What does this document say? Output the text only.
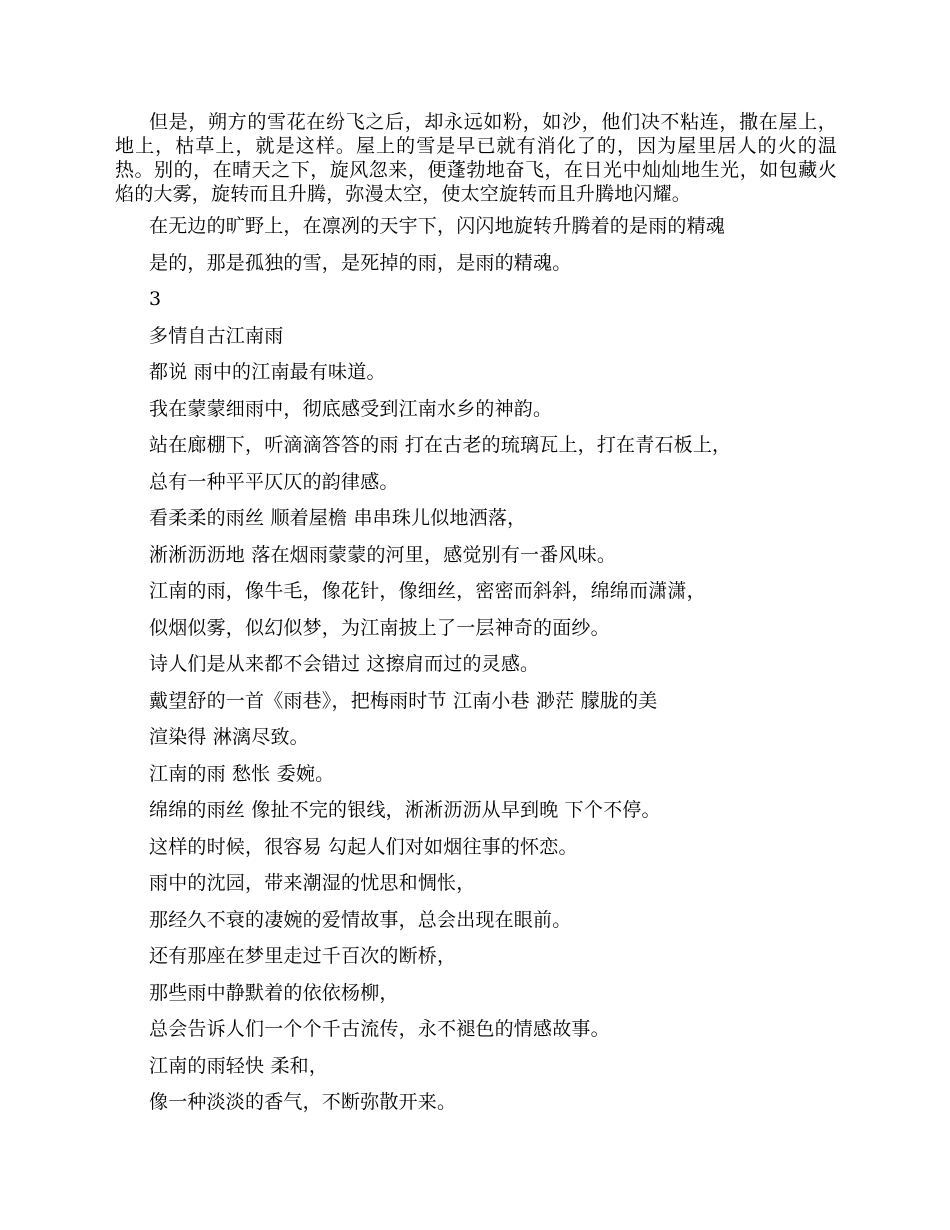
但是，朔方的雪花在纷飞之后，却永远如粉，如沙，他们决不粘连，撒在屋上，地上，枯草上，就是这样。屋上的雪是早已就有消化了的，因为屋里居人的火的温热。别的，在晴天之下，旋风忽来，便蓬勃地奋飞，在日光中灿灿地生光，如包藏火焰的大雾，旋转而且升腾，弥漫太空，使太空旋转而且升腾地闪耀。

在无边的旷野上，在凛冽的天宇下，闪闪地旋转升腾着的是雨的精魂
是的，那是孤独的雪，是死掉的雨，是雨的精魂。
3
多情自古江南雨
都说 雨中的江南最有味道。
我在蒙蒙细雨中，彻底感受到江南水乡的神韵。
站在廊棚下，听滴滴答答的雨 打在古老的琉璃瓦上，打在青石板上，
总有一种平平仄仄的韵律感。
看柔柔的雨丝 顺着屋檐 串串珠儿似地洒落，
淅淅沥沥地 落在烟雨蒙蒙的河里，感觉别有一番风味。
江南的雨，像牛毛，像花针，像细丝，密密而斜斜，绵绵而潇潇，
似烟似雾，似幻似梦，为江南披上了一层神奇的面纱。
诗人们是从来都不会错过 这擦肩而过的灵感。
戴望舒的一首《雨巷》，把梅雨时节 江南小巷 渺茫 朦胧的美
渲染得 淋漓尽致。
江南的雨 愁怅 委婉。
绵绵的雨丝 像扯不完的银线，淅淅沥沥从早到晚 下个不停。
这样的时候，很容易 勾起人们对如烟往事的怀恋。
雨中的沈园，带来潮湿的忧思和惆怅，
那经久不衰的凄婉的爱情故事，总会出现在眼前。
还有那座在梦里走过千百次的断桥，
那些雨中静默着的依依杨柳，
总会告诉人们一个个千古流传，永不褪色的情感故事。
江南的雨轻快 柔和，
像一种淡淡的香气，不断弥散开来。
